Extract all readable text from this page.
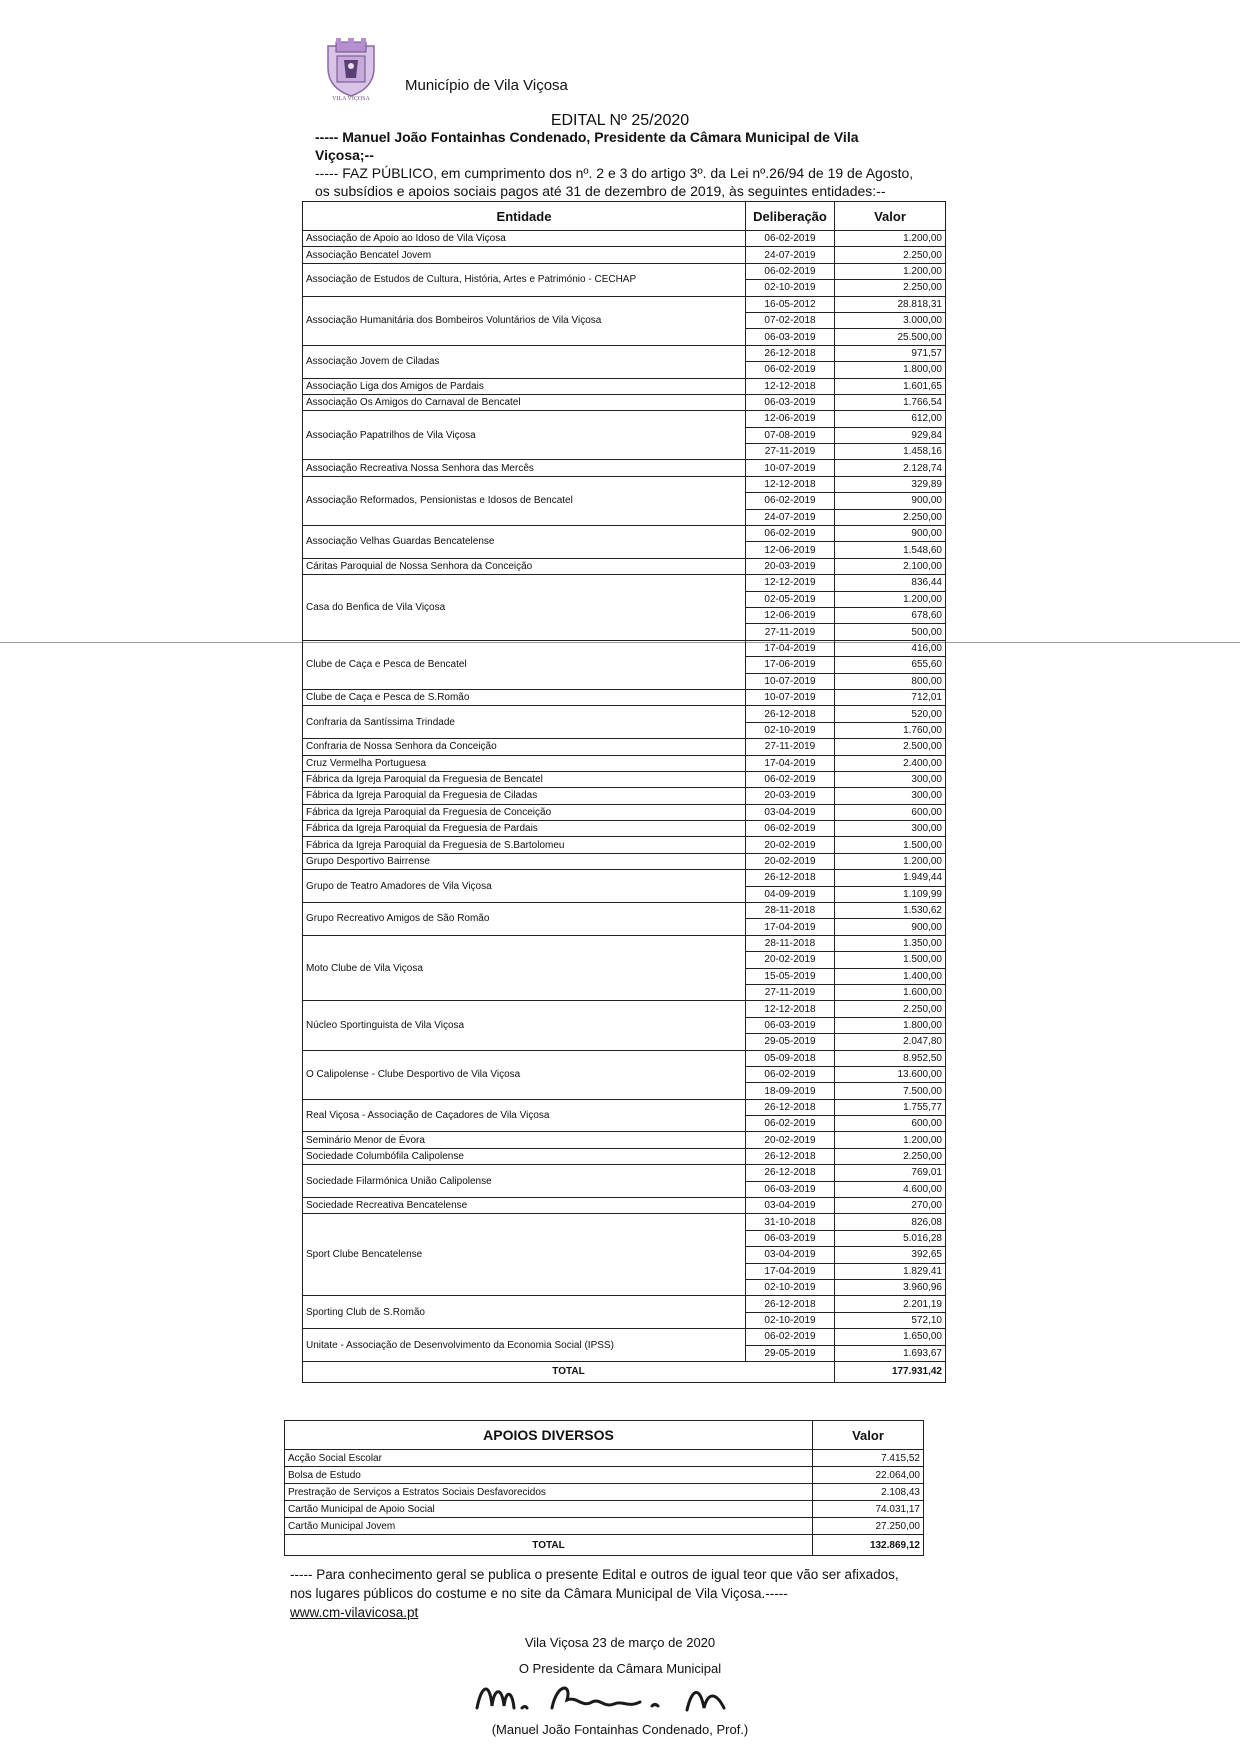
VILA VIÇOSA
Município de Vila Viçosa
EDITAL Nº 25/2020

----- Manuel João Fontainhas Condenado, Presidente da Câmara Municipal de Vila Viçosa;--

----- FAZ PÚBLICO, em cumprimento dos nº. 2 e 3 do artigo 3º. da Lei nº.26/94 de 19 de Agosto, os subsídios e apoios sociais pagos até 31 de dezembro de 2019, às seguintes entidades:--

Entidade	Deliberação	Valor
Associação de Apoio ao Idoso de Vila Viçosa	06-02-2019	1.200,00
Associação Bencatel Jovem	24-07-2019	2.250,00
Associação de Estudos de Cultura, História, Artes e Património - CECHAP	06-02-2019	1.200,00
	02-10-2019	2.250,00
Associação Humanitária dos Bombeiros Voluntários de Vila Viçosa	16-05-2012	28.818,31
	07-02-2018	3.000,00
	06-03-2019	25.500,00
Associação Jovem de Ciladas	26-12-2018	971,57
	06-02-2019	1.800,00
Associação Liga dos Amigos de Pardais	12-12-2018	1.601,65
Associação Os Amigos do Carnaval de Bencatel	06-03-2019	1.766,54
Associação Papatrilhos de Vila Viçosa	12-06-2019	612,00
	07-08-2019	929,84
	27-11-2019	1.458,16
Associação Recreativa Nossa Senhora das Mercês	10-07-2019	2.128,74
Associação Reformados, Pensionistas e Idosos de Bencatel	12-12-2018	329,89
	06-02-2019	900,00
	24-07-2019	2.250,00
Associação Velhas Guardas Bencatelense	06-02-2019	900,00
	12-06-2019	1.548,60
Cáritas Paroquial de Nossa Senhora da Conceição	20-03-2019	2.100,00
Casa do Benfica de Vila Viçosa	12-12-2019	836,44
	02-05-2019	1.200,00
	12-06-2019	678,60
	27-11-2019	500,00
Clube de Caça e Pesca de Bencatel	17-04-2019	416,00
	17-06-2019	655,60
	10-07-2019	800,00
Clube de Caça e Pesca de S.Romão	10-07-2019	712,01
Confraria da Santíssima Trindade	26-12-2018	520,00
	02-10-2019	1.760,00
Confraria de Nossa Senhora da Conceição	27-11-2019	2.500,00
Cruz Vermelha Portuguesa	17-04-2019	2.400,00
Fábrica da Igreja Paroquial da Freguesia de Bencatel	06-02-2019	300,00
Fábrica da Igreja Paroquial da Freguesia de Ciladas	20-03-2019	300,00
Fábrica da Igreja Paroquial da Freguesia de Conceição	03-04-2019	600,00
Fábrica da Igreja Paroquial da Freguesia de Pardais	06-02-2019	300,00
Fábrica da Igreja Paroquial da Freguesia de S.Bartolomeu	20-02-2019	1.500,00
Grupo Desportivo Bairrense	20-02-2019	1.200,00
Grupo de Teatro Amadores de Vila Viçosa	26-12-2018	1.949,44
	04-09-2019	1.109,99
Grupo Recreativo Amigos de São Romão	28-11-2018	1.530,62
	17-04-2019	900,00
Moto Clube de Vila Viçosa	28-11-2018	1.350,00
	20-02-2019	1.500,00
	15-05-2019	1.400,00
	27-11-2019	1.600,00
Núcleo Sportinguista de Vila Viçosa	12-12-2018	2.250,00
	06-03-2019	1.800,00
	29-05-2019	2.047,80
O Calipolense - Clube Desportivo de Vila Viçosa	05-09-2018	8.952,50
	06-02-2019	13.600,00
	18-09-2019	7.500,00
Real Viçosa - Associação de Caçadores de Vila Viçosa	26-12-2018	1.755,77
	06-02-2019	600,00
Seminário Menor de Évora	20-02-2019	1.200,00
Sociedade Columbófila Calipolense	26-12-2018	2.250,00
Sociedade Filarmónica União Calipolense	26-12-2018	769,01
	06-03-2019	4.600,00
Sociedade Recreativa Bencatelense	03-04-2019	270,00
Sport Clube Bencatelense	31-10-2018	826,08
	06-03-2019	5.016,28
	03-04-2019	392,65
	17-04-2019	1.829,41
	02-10-2019	3.960,96
Sporting Club de S.Romão	26-12-2018	2.201,19
	02-10-2019	572,10
Unitate - Associação de Desenvolvimento da Economia Social (IPSS)	06-02-2019	1.650,00
	29-05-2019	1.693,67
TOTAL		177.931,42
APOIOS DIVERSOS	Valor
Acção Social Escolar	7.415,52
Bolsa de Estudo	22.064,00
Prestração de Serviços a Estratos Sociais Desfavorecidos	2.108,43
Cartão Municipal de Apoio Social	74.031,17
Cartão Municipal Jovem	27.250,00
TOTAL	132.869,12
----- Para conhecimento geral se publica o presente Edital e outros de igual teor que vão ser afixados, nos lugares públicos do costume e no site da Câmara Municipal de Vila Viçosa.-----
www.cm-vilavicosa.pt
Vila Viçosa 23 de março de 2020
O Presidente da Câmara Municipal
(Manuel João Fontainhas Condenado, Prof.)
